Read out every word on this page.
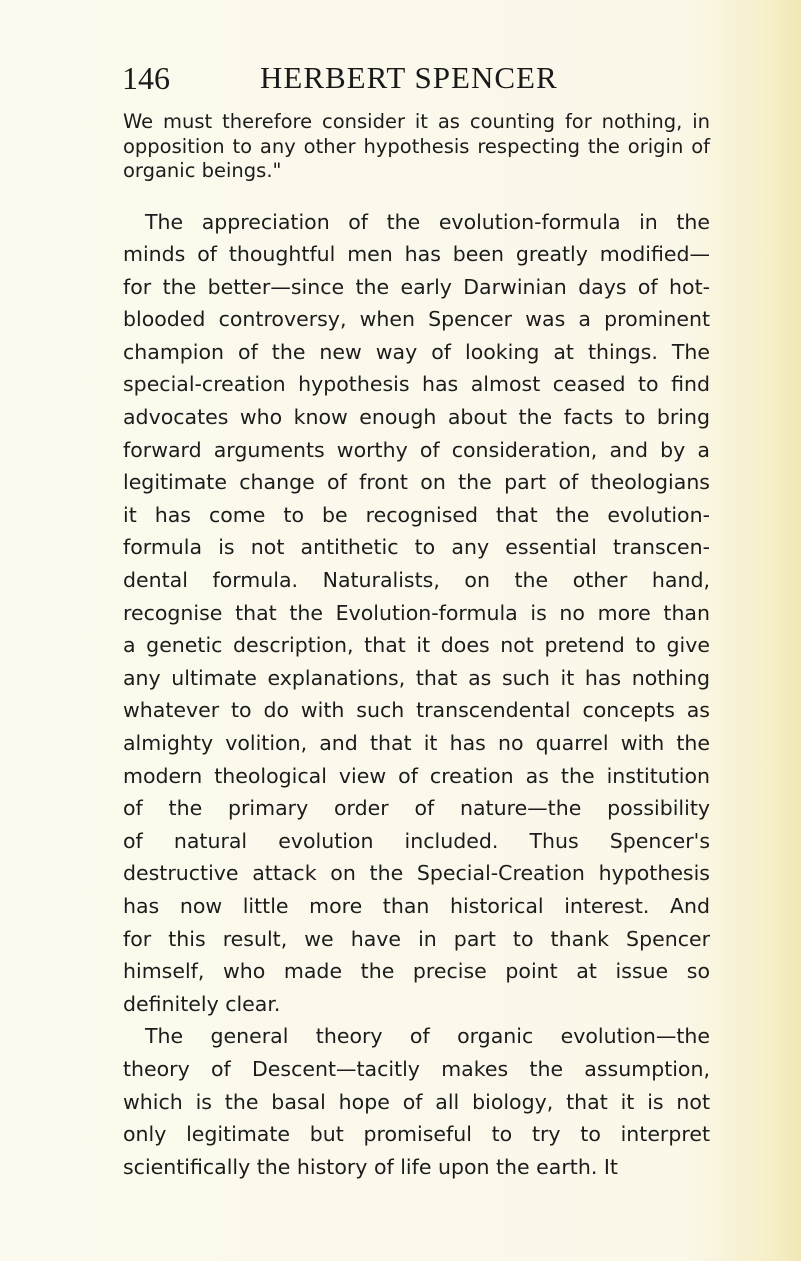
146	HERBERT SPENCER
We must therefore consider it as counting for nothing, in
opposition to any other hypothesis respecting the origin of
organic beings."
The appreciation of the evolution-formula in the
minds of thoughtful men has been greatly modified—
for the better—since the early Darwinian days of hot-
blooded controversy, when Spencer was a prominent
champion of the new way of looking at things. The
special-creation hypothesis has almost ceased to find
advocates who know enough about the facts to bring
forward arguments worthy of consideration, and by a
legitimate change of front on the part of theologians
it has come to be recognised that the evolution-
formula is not antithetic to any essential transcen-
dental formula. Naturalists, on the other hand,
recognise that the Evolution-formula is no more than
a genetic description, that it does not pretend to give
any ultimate explanations, that as such it has nothing
whatever to do with such transcendental concepts as
almighty volition, and that it has no quarrel with the
modern theological view of creation as the institution
of the primary order of nature—the possibility
of natural evolution included. Thus Spencer's
destructive attack on the Special-Creation hypothesis
has now little more than historical interest. And
for this result, we have in part to thank Spencer
himself, who made the precise point at issue so
definitely clear.
The general theory of organic evolution—the
theory of Descent—tacitly makes the assumption,
which is the basal hope of all biology, that it is not
only legitimate but promiseful to try to interpret
scientifically the history of life upon the earth. It
